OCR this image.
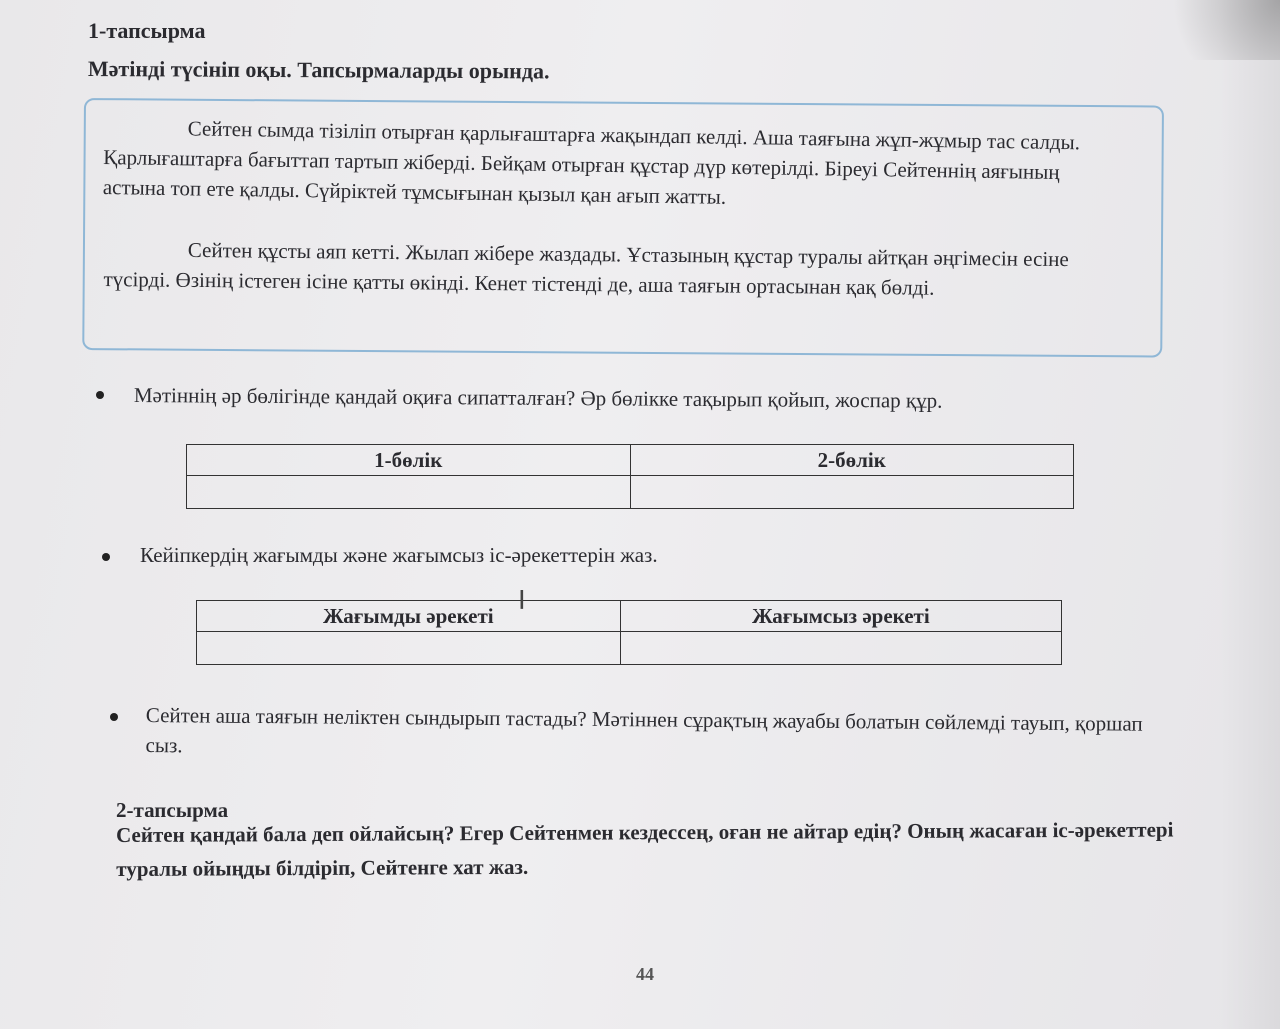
1-тапсырма
Мәтінді түсініп оқы. Тапсырмаларды орында.

Сейтен сымда тізіліп отырған қарлығаштарға жақындап келді. Аша таяғына жұп-жұмыр тас салды. Қарлығаштарға бағыттап тартып жіберді. Бейқам отырған құстар дүр көтерілді. Біреуі Сейтеннің аяғының астына топ ете қалды. Сүйріктей тұмсығынан қызыл қан ағып жатты.

Сейтен құсты аяп кетті. Жылап жібере жаздады. Ұстазының құстар туралы айтқан әңгімесін есіне түсірді. Өзінің істеген ісіне қатты өкінді. Кенет тістенді де, аша таяғын ортасынан қақ бөлді.

Мәтіннің әр бөлігінде қандай оқиға сипатталған? Әр бөлікке тақырып қойып, жоспар құр.
1-бөлік	2-бөлік

Кейіпкердің жағымды және жағымсыз іс-әрекеттерін жаз.
Жағымды әрекеті	Жағымсыз әрекеті

Ι
Сейтен аша таяғын неліктен сындырып тастады? Мәтіннен сұрақтың жауабы болатын сөйлемді тауып, қоршап сыз.
2-тапсырма
Сейтен қандай бала деп ойлайсың? Егер Сейтенмен кездессең, оған не айтар едің? Оның жасаған іс-әрекеттері туралы ойыңды білдіріп, Сейтенге хат жаз.
44
